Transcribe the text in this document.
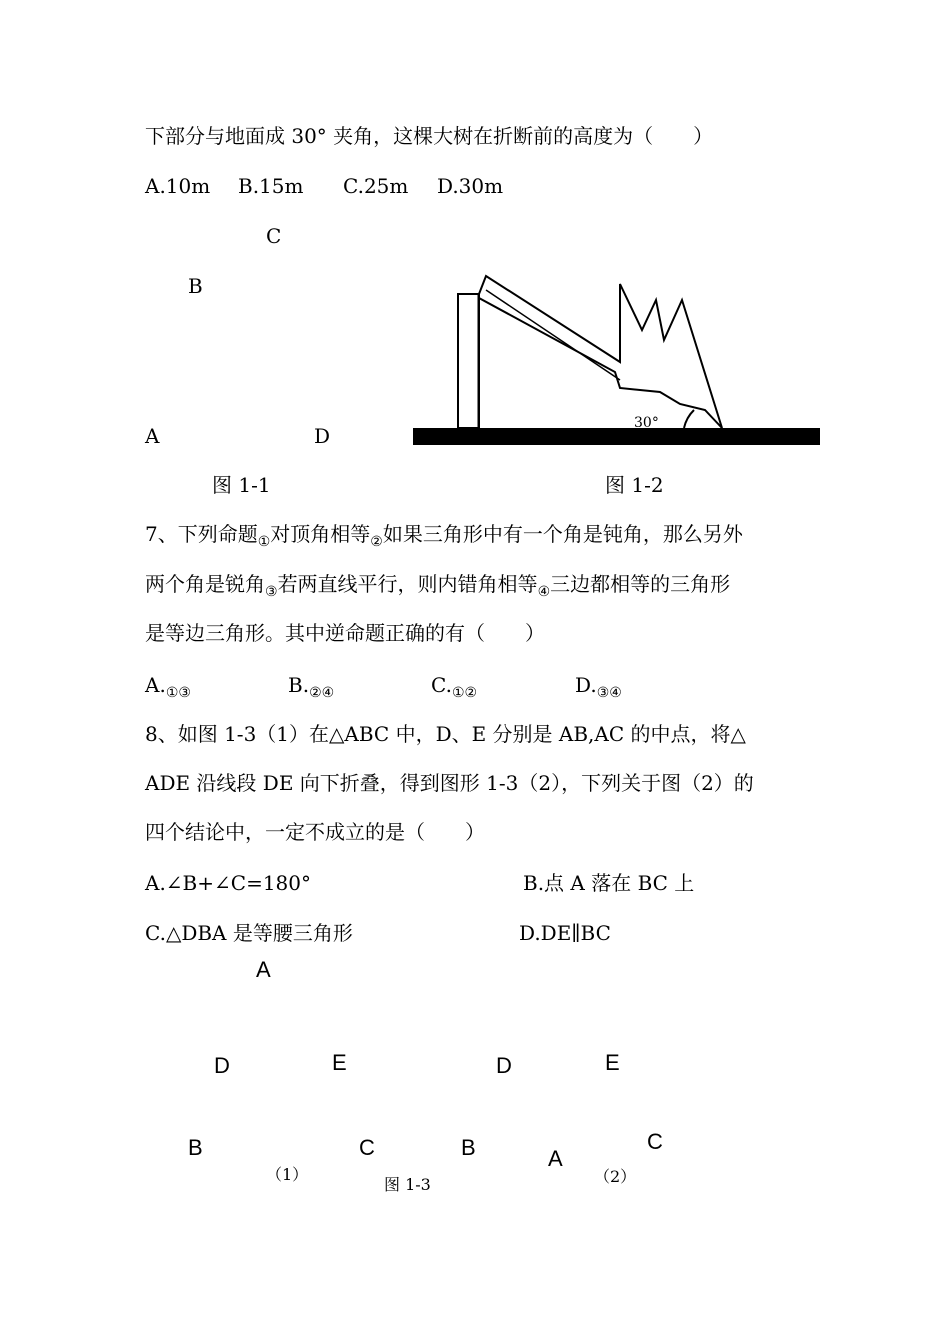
下部分与地面成 30° 夹角，这棵大树在折断前的高度为（　　）
A.10m B.15m C.25m D.30m
C
B
A	D
图 1-1
30°
图 1-2
7、下列命题$_①$对顶角相等$_②$如果三角形中有一个角是钝角，那么另外
两个角是锐角$_③$若两直线平行，则内错角相等$_④$三边都相等的三角形
是等边三角形。其中逆命题正确的有（　　）
$A._{①③}$	$B._{②④}$	$C._{①②}$	$D._{③④}$
8、如图 1-3（1）在△ABC 中，D、E 分别是 AB,AC 的中点，将△
ADE 沿线段 DE 向下折叠，得到图形 1-3（2），下列关于图（2）的
四个结论中，一定不成立的是（　　）
A.∠B+∠C=180°	B.点 A 落在 BC 上
C.△DBA 是等腰三角形	D.DE∥BC
A
D	E
B	C
（1）
D	E
B	A
C
（2）
图 1-3
